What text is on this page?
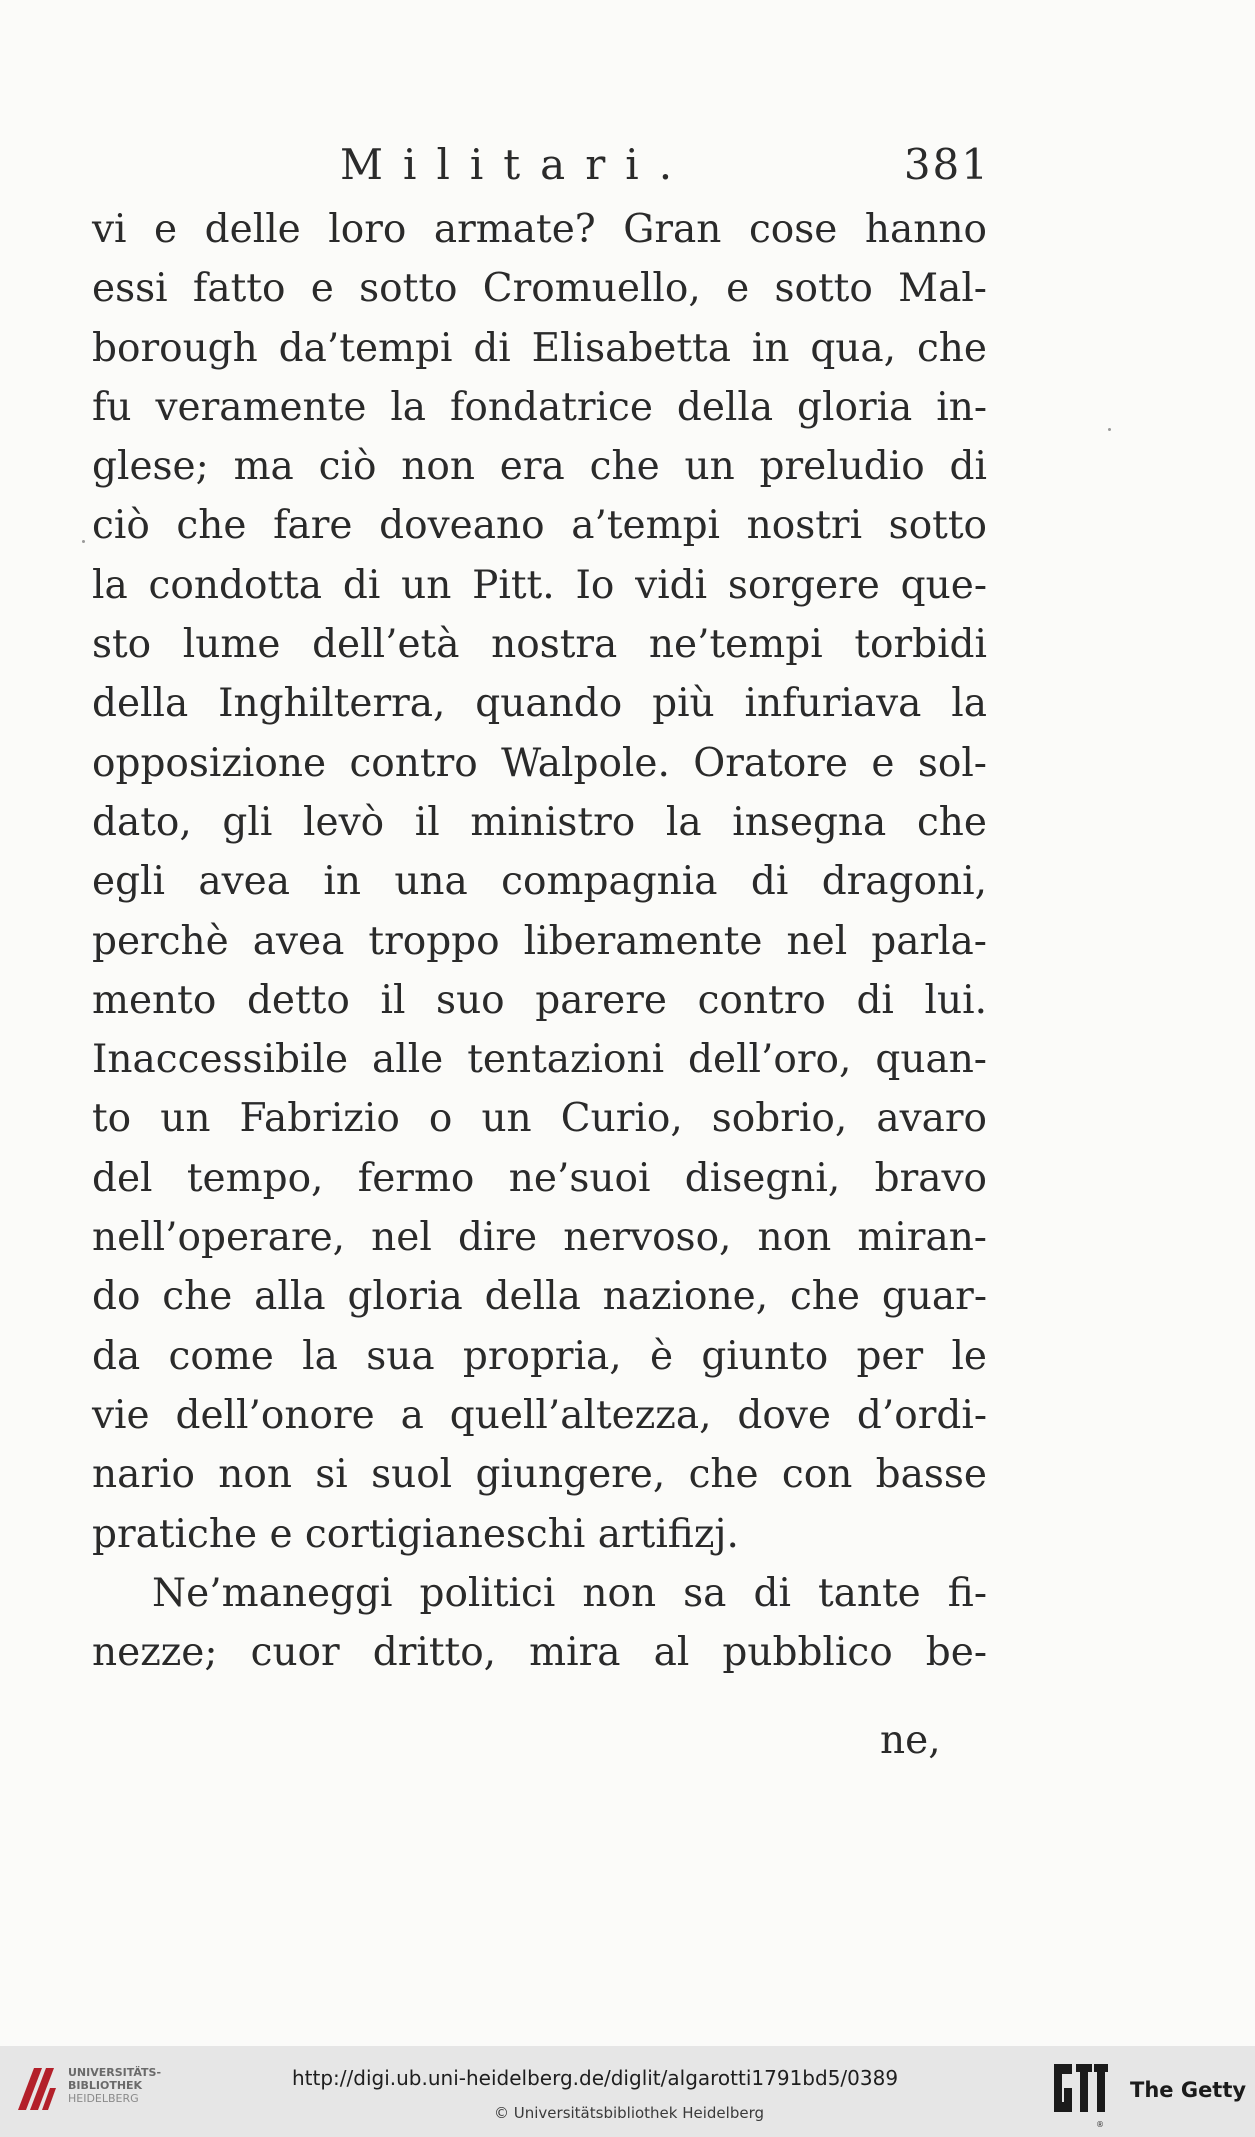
Militari.	381
vi e delle loro armate? Gran cose hanno
essi fatto e sotto Cromuello, e sotto Mal-
borough da’tempi di Elisabetta in qua, che
fu veramente la fondatrice della gloria in-
glese; ma ciò non era che un preludio di
ciò che fare doveano a’tempi nostri sotto
la condotta di un Pitt. Io vidi sorgere que-
sto lume dell’età nostra ne’tempi torbidi
della Inghilterra, quando più infuriava la
opposizione contro Walpole. Oratore e sol-
dato, gli levò il ministro la insegna che
egli avea in una compagnia di dragoni,
perchè avea troppo liberamente nel parla-
mento detto il suo parere contro di lui.
Inaccessibile alle tentazioni dell’oro, quan-
to un Fabrizio o un Curio, sobrio, avaro
del tempo, fermo ne’suoi disegni, bravo
nell’operare, nel dire nervoso, non miran-
do che alla gloria della nazione, che guar-
da come la sua propria, è giunto per le
vie dell’onore a quell’altezza, dove d’ordi-
nario non si suol giungere, che con basse
pratiche e cortigianeschi artifizj.
Ne’maneggi politici non sa di tante fi-
nezze; cuor dritto, mira al pubblico be-
ne,
UNIVERSITÄTS-
BIBLIOTHEK
HEIDELBERG
http://digi.ub.uni-heidelberg.de/diglit/algarotti1791bd5/0389
© Universitätsbibliothek Heidelberg
®
The Getty
